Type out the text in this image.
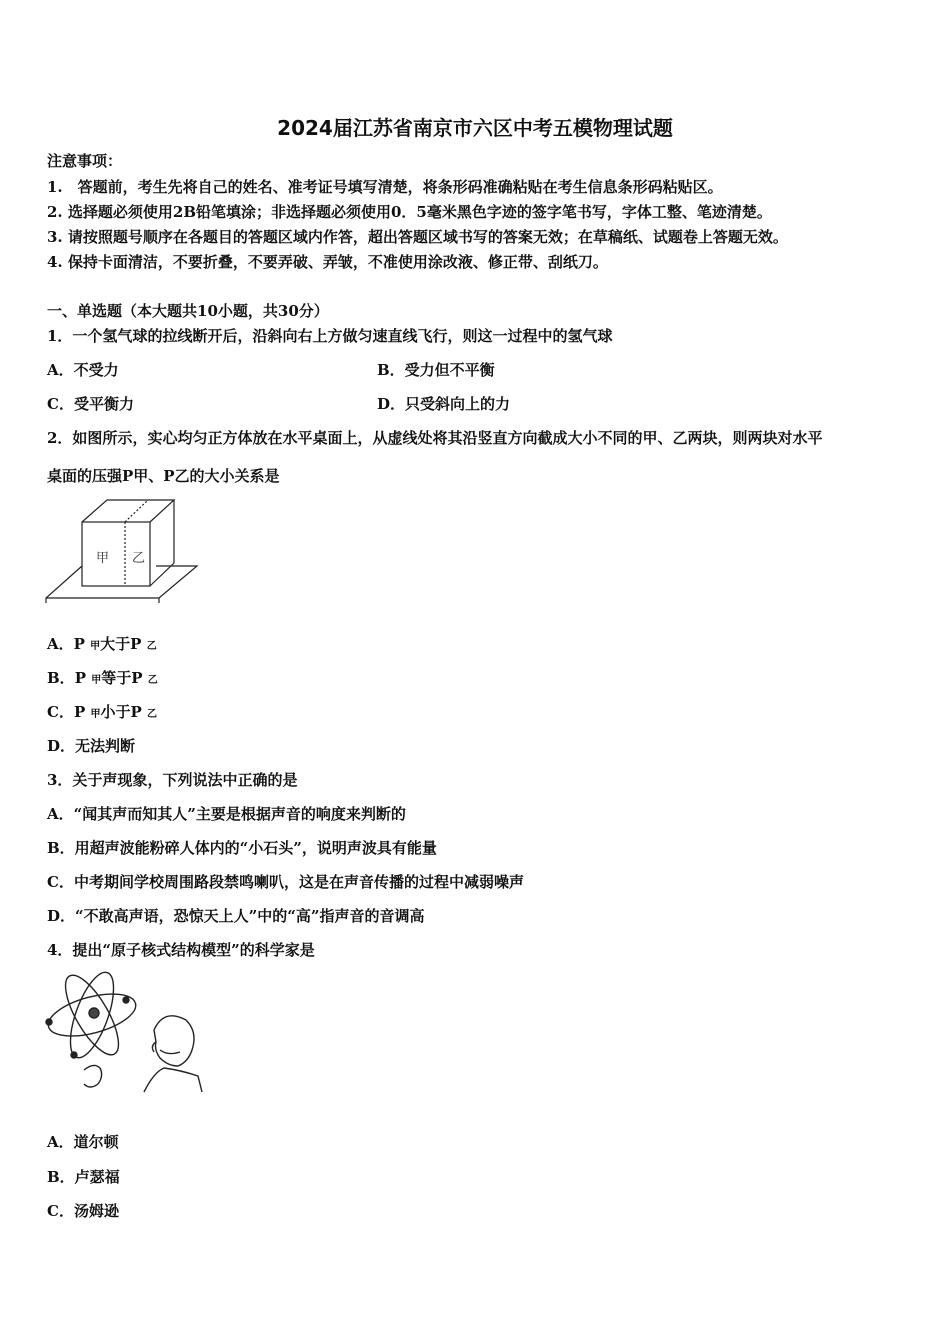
2024届江苏省南京市六区中考五模物理试题
注意事项：
1.　答题前，考生先将自己的姓名、准考证号填写清楚，将条形码准确粘贴在考生信息条形码粘贴区。
2. 选择题必须使用2B铅笔填涂；非选择题必须使用0．5毫米黑色字迹的签字笔书写，字体工整、笔迹清楚。
3. 请按照题号顺序在各题目的答题区域内作答，超出答题区域书写的答案无效；在草稿纸、试题卷上答题无效。
4. 保持卡面清洁，不要折叠，不要弄破、弄皱，不准使用涂改液、修正带、刮纸刀。
一、单选题（本大题共10小题，共30分）
1．一个氢气球的拉线断开后，沿斜向右上方做匀速直线飞行，则这一过程中的氢气球
A．不受力	B．受力但不平衡
C．受平衡力	D．只受斜向上的力
2．如图所示，实心均匀正方体放在水平桌面上，从虚线处将其沿竖直方向截成大小不同的甲、乙两块，则两块对水平
桌面的压强P甲、P乙的大小关系是
甲 乙
A．P 甲大于P 乙
B．P 甲等于P 乙
C．P 甲小于P 乙
D．无法判断
3．关于声现象，下列说法中正确的是
A．“闻其声而知其人”主要是根据声音的响度来判断的
B．用超声波能粉碎人体内的“小石头”，说明声波具有能量
C．中考期间学校周围路段禁鸣喇叭，这是在声音传播的过程中减弱噪声
D．“不敢高声语，恐惊天上人”中的“高”指声音的音调高
4．提出“原子核式结构模型”的科学家是
A．道尔顿
B．卢瑟福
C．汤姆逊
